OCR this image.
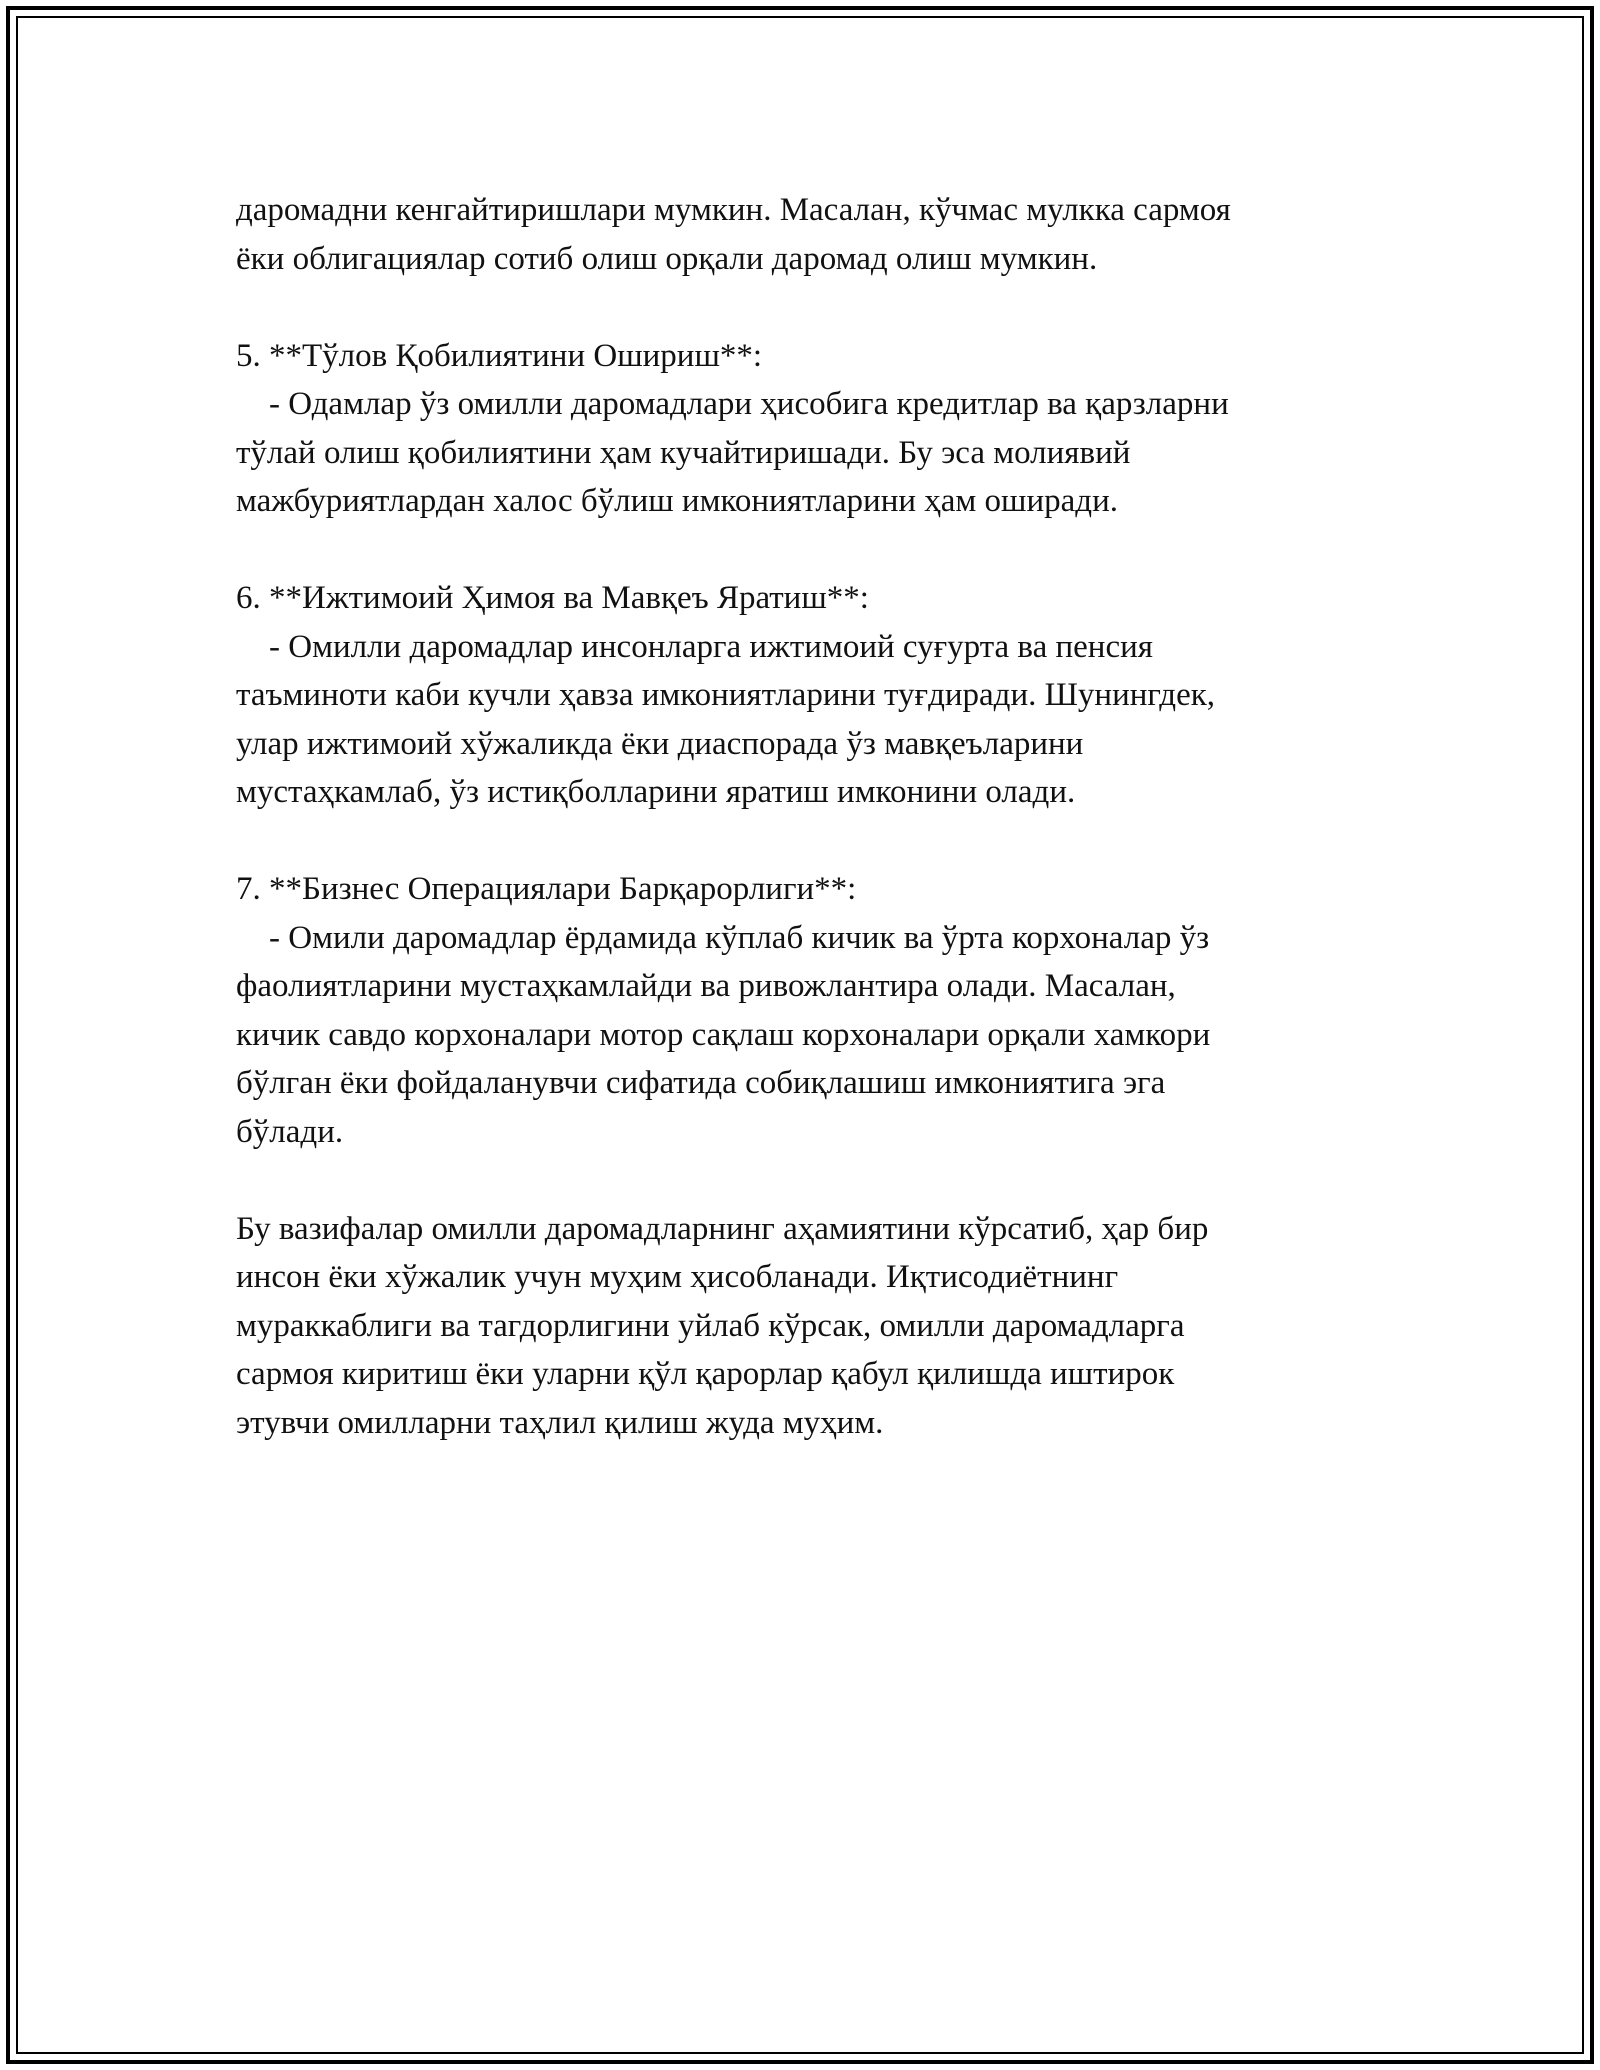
даромадни кенгайтиришлари мумкин. Масалан, кўчмас мулкка сармоя
ёки облигациялар сотиб олиш орқали даромад олиш мумкин.
5. **Тўлов Қобилиятини Ошириш**:
- Одамлар ўз омилли даромадлари ҳисобига кредитлар ва қарзларни
тўлай олиш қобилиятини ҳам кучайтиришади. Бу эса молиявий
мажбуриятлардан халос бўлиш имкониятларини ҳам оширади.
6. **Ижтимоий Ҳимоя ва Мавқеъ Яратиш**:
- Омилли даромадлар инсонларга ижтимоий суғурта ва пенсия
таъминоти каби кучли ҳавза имкониятларини туғдиради. Шунингдек,
улар ижтимоий хўжаликда ёки диаспорада ўз мавқеъларини
мустаҳкамлаб, ўз истиқболларини яратиш имконини олади.
7. **Бизнес Операциялари Барқарорлиги**:
- Омили даромадлар ёрдамида кўплаб кичик ва ўрта корхоналар ўз
фаолиятларини мустаҳкамлайди ва ривожлантира олади. Масалан,
кичик савдо корхоналари мотор сақлаш корхоналари орқали хамкори
бўлган ёки фойдаланувчи сифатида собиқлашиш имкониятига эга
бўлади.
Бу вазифалар омилли даромадларнинг аҳамиятини кўрсатиб, ҳар бир
инсон ёки хўжалик учун муҳим ҳисобланади. Иқтисодиётнинг
мураккаблиги ва тагдорлигини уйлаб кўрсак, омилли даромадларга
сармоя киритиш ёки уларни қўл қарорлар қабул қилишда иштирок
этувчи омилларни таҳлил қилиш жуда муҳим.
